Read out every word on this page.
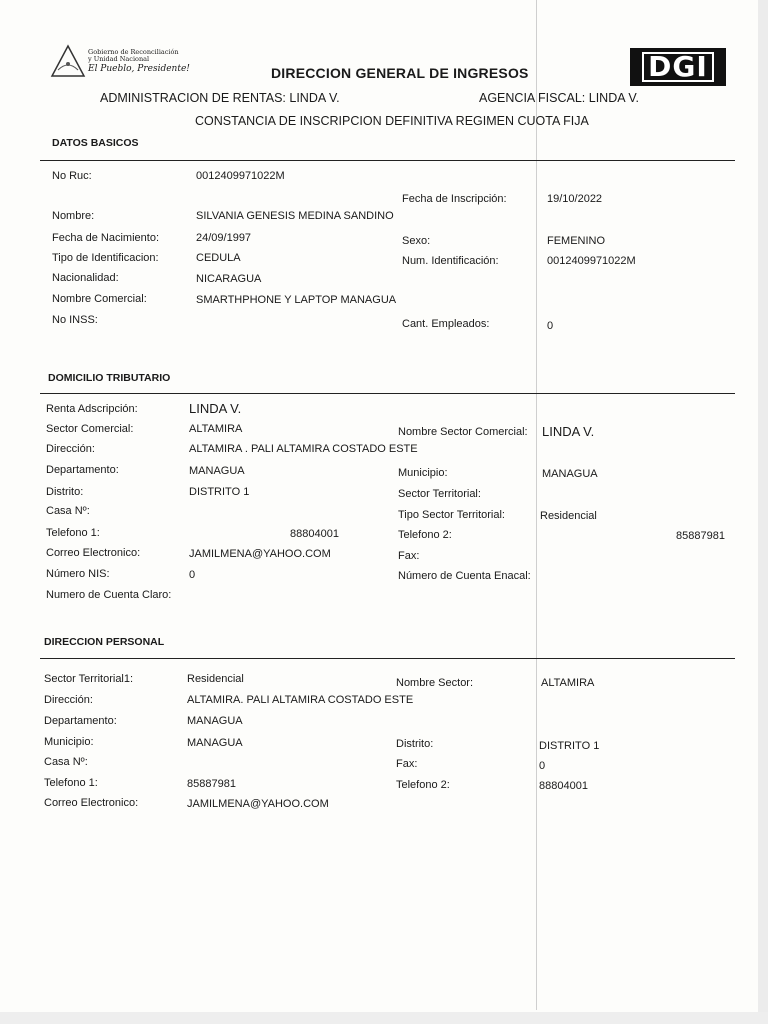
Gobierno de Reconciliación
y Unidad Nacional
El Pueblo, Presidente!	DIRECCION GENERAL DE INGRESOS	DGI
ADMINISTRACION DE RENTAS: LINDA V.	AGENCIA FISCAL: LINDA V.
CONSTANCIA DE INSCRIPCION DEFINITIVA REGIMEN CUOTA FIJA
DATOS BASICOS
No Ruc:	0012409971022M
Fecha de Inscripción:	19/10/2022
Nombre:	SILVANIA GENESIS MEDINA SANDINO
Fecha de Nacimiento:	24/09/1997	Sexo:	FEMENINO
Tipo de Identificacion:	CEDULA	Num. Identificación:	0012409971022M
Nacionalidad:	NICARAGUA
Nombre Comercial:	SMARTHPHONE Y LAPTOP MANAGUA
No INSS:	Cant. Empleados:	0
DOMICILIO TRIBUTARIO
Renta Adscripción:	LINDA V.
Sector Comercial:	ALTAMIRA	Nombre Sector Comercial: LINDA V.
Dirección:	ALTAMIRA . PALI ALTAMIRA COSTADO ESTE
Departamento:	MANAGUA	Municipio:	MANAGUA
Distrito:	DISTRITO 1	Sector Territorial:
Casa Nº:	Tipo Sector Territorial:	Residencial
Telefono 1:	88804001	Telefono 2:	85887981
Correo Electronico:	JAMILMENA@YAHOO.COM	Fax:
Número NIS:	0	Número de Cuenta Enacal:
Numero de Cuenta Claro:
DIRECCION PERSONAL
Sector Territorial1:	Residencial	Nombre Sector:	ALTAMIRA
Dirección:	ALTAMIRA. PALI ALTAMIRA COSTADO ESTE
Departamento:	MANAGUA
Municipio:	MANAGUA	Distrito:	DISTRITO 1
Casa Nº:	Fax:	0
Telefono 1:	85887981	Telefono 2:	88804001
Correo Electronico:	JAMILMENA@YAHOO.COM
